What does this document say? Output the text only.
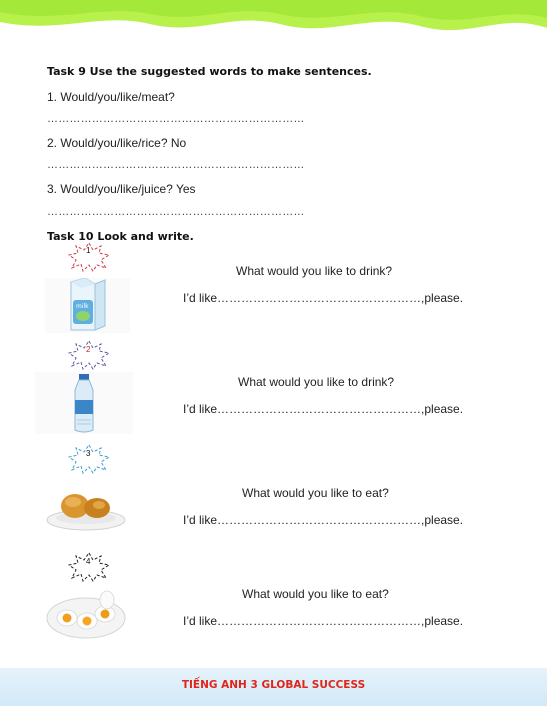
Task 9 Use the suggested words to make sentences.
1. Would/you/like/meat?
……………………………………………………………
2. Would/you/like/rice? No
……………………………………………………………
3. Would/you/like/juice? Yes
……………………………………………………………
Task 10 Look and write.
1
milk
What would you like to drink?
I’d like……………………………………………,please.
2
What would you like to drink?
I’d like……………………………………………,please.
3
What would you like to eat?
I’d like……………………………………………,please.
4
What would you like to eat?
I’d like……………………………………………,please.
TIẾNG ANH 3 GLOBAL SUCCESS
